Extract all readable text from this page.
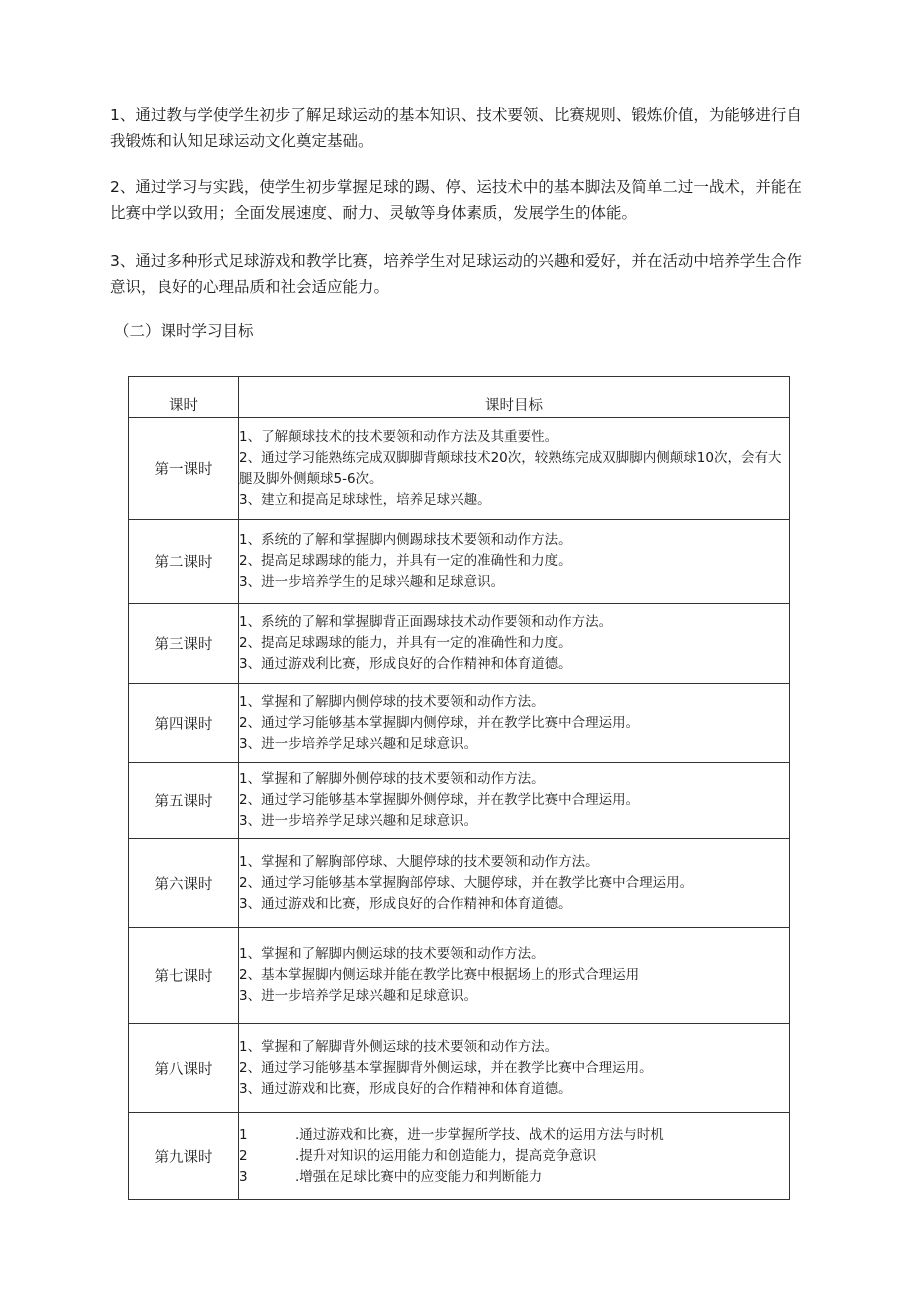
1、通过教与学使学生初步了解足球运动的基本知识、技术要领、比赛规则、锻炼价值，为能够进行自我锻炼和认知足球运动文化奠定基础。

2、通过学习与实践，使学生初步掌握足球的踢、停、运技术中的基本脚法及简单二过一战术，并能在比赛中学以致用；全面发展速度、耐力、灵敏等身体素质，发展学生的体能。

3、通过多种形式足球游戏和教学比赛，培养学生对足球运动的兴趣和爱好，并在活动中培养学生合作意识，良好的心理品质和社会适应能力。

（二）课时学习目标

课时	课时目标
第一课时	1、了解颠球技术的技术要领和动作方法及其重要性。
2、通过学习能熟练完成双脚脚背颠球技术20次，较熟练完成双脚脚内侧颠球10次，会有大腿及脚外侧颠球5-6次。
3、建立和提高足球球性，培养足球兴趣。

第二课时	1、系统的了解和掌握脚内侧踢球技术要领和动作方法。
2、提高足球踢球的能力，并具有一定的准确性和力度。
3、进一步培养学生的足球兴趣和足球意识。

第三课时	1、系统的了解和掌握脚背正面踢球技术动作要领和动作方法。
2、提高足球踢球的能力，并具有一定的准确性和力度。
3、通过游戏利比赛，形成良好的合作精神和体育道德。

第四课时	1、掌握和了解脚内侧停球的技术要领和动作方法。
2、通过学习能够基本掌握脚内侧停球，并在教学比赛中合理运用。
3、进一步培养学足球兴趣和足球意识。

第五课时	1、掌握和了解脚外侧停球的技术要领和动作方法。
2、通过学习能够基本掌握脚外侧停球，并在教学比赛中合理运用。
3、进一步培养学足球兴趣和足球意识。

第六课时	1、掌握和了解胸部停球、大腿停球的技术要领和动作方法。
2、通过学习能够基本掌握胸部停球、大腿停球，并在教学比赛中合理运用。
3、通过游戏和比赛，形成良好的合作精神和体育道德。

第七课时	1、掌握和了解脚内侧运球的技术要领和动作方法。
2、基本掌握脚内侧运球并能在教学比赛中根据场上的形式合理运用
3、进一步培养学足球兴趣和足球意识。

第八课时	1、掌握和了解脚背外侧运球的技术要领和动作方法。
2、通过学习能够基本掌握脚背外侧运球，并在教学比赛中合理运用。
3、通过游戏和比赛，形成良好的合作精神和体育道德。

第九课时	1 .通过游戏和比赛，进一步掌握所学技、战术的运用方法与时机
2 .提升对知识的运用能力和创造能力，提高竞争意识
3 .增强在足球比赛中的应变能力和判断能力
